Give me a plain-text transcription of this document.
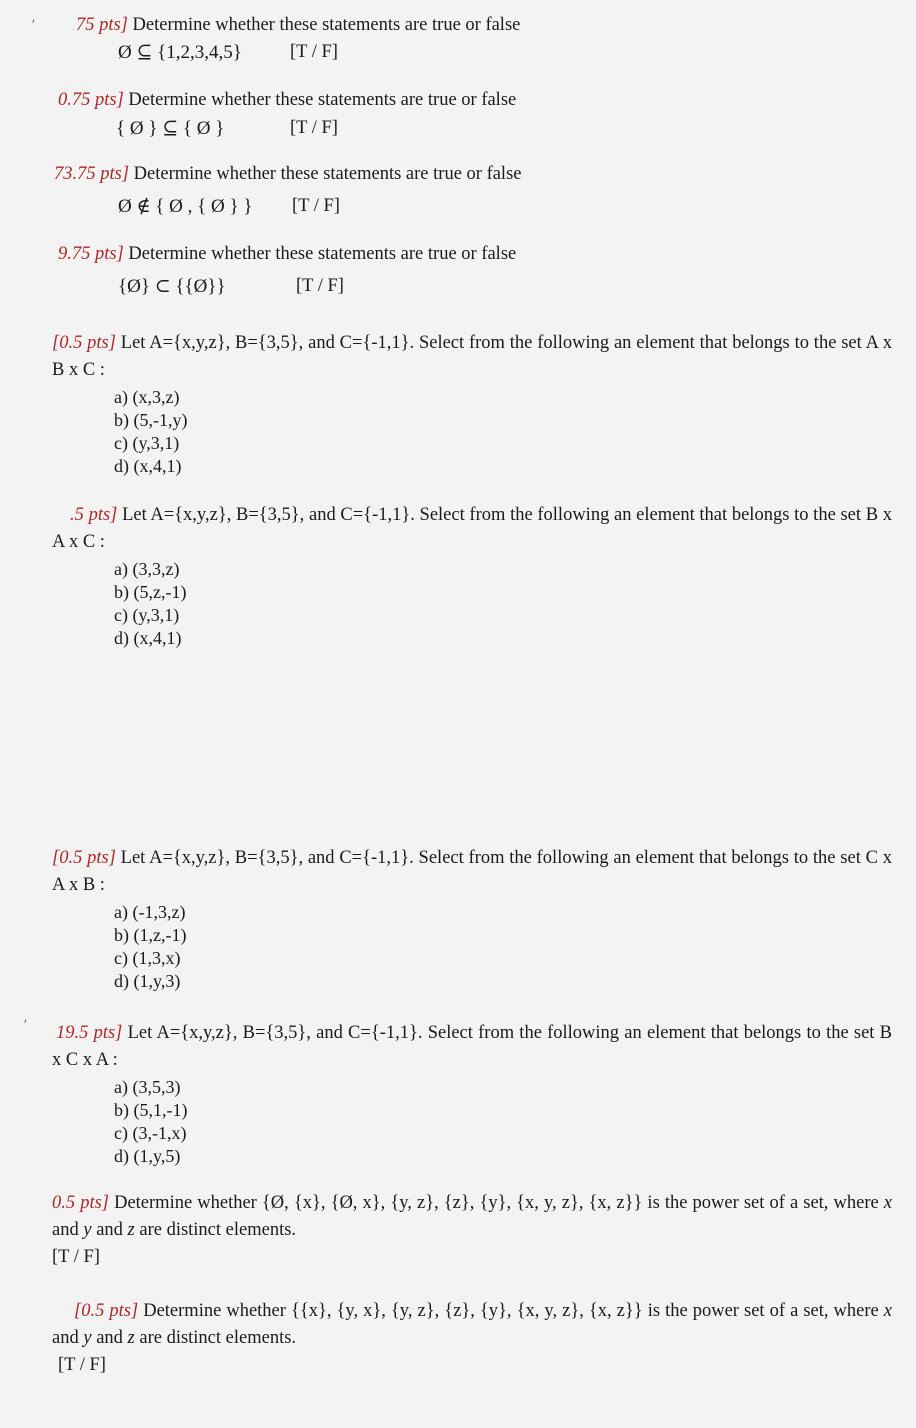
ʹ
ʹ
75 pts] Determine whether these statements are true or false
Ø ⊆ {1,2,3,4,5}	[T / F]
0.75 pts] Determine whether these statements are true or false
{ Ø } ⊆ { Ø }	[T / F]
73.75 pts] Determine whether these statements are true or false
Ø ∉ { Ø , { Ø } } [T / F]
9.75 pts] Determine whether these statements are true or false
{Ø} ⊂ {{Ø}}	[T / F]
[0.5 pts] Let A={x,y,z}, B={3,5}, and C={-1,1}. Select from the following an element that belongs to the set A x B x C :
a) (x,3,z)
b) (5,-1,y)
c) (y,3,1)
d) (x,4,1)
.5 pts] Let A={x,y,z}, B={3,5}, and C={-1,1}. Select from the following an element that belongs to the set B x A x C :
a) (3,3,z)
b) (5,z,-1)
c) (y,3,1)
d) (x,4,1)
[0.5 pts] Let A={x,y,z}, B={3,5}, and C={-1,1}. Select from the following an element that belongs to the set C x A x B :
a) (-1,3,z)
b) (1,z,-1)
c) (1,3,x)
d) (1,y,3)
19.5 pts] Let A={x,y,z}, B={3,5}, and C={-1,1}. Select from the following an element that belongs to the set B x C x A :
a) (3,5,3)
b) (5,1,-1)
c) (3,-1,x)
d) (1,y,5)
0.5 pts] Determine whether {Ø, {x}, {Ø, x}, {y, z}, {z}, {y}, {x, y, z}, {x, z}} is the power set of a set, where x and y and z are distinct elements.
[T / F]
[0.5 pts] Determine whether {{x}, {y, x}, {y, z}, {z}, {y}, {x, y, z}, {x, z}} is the power set of a set, where x and y and z are distinct elements.
[T / F]
